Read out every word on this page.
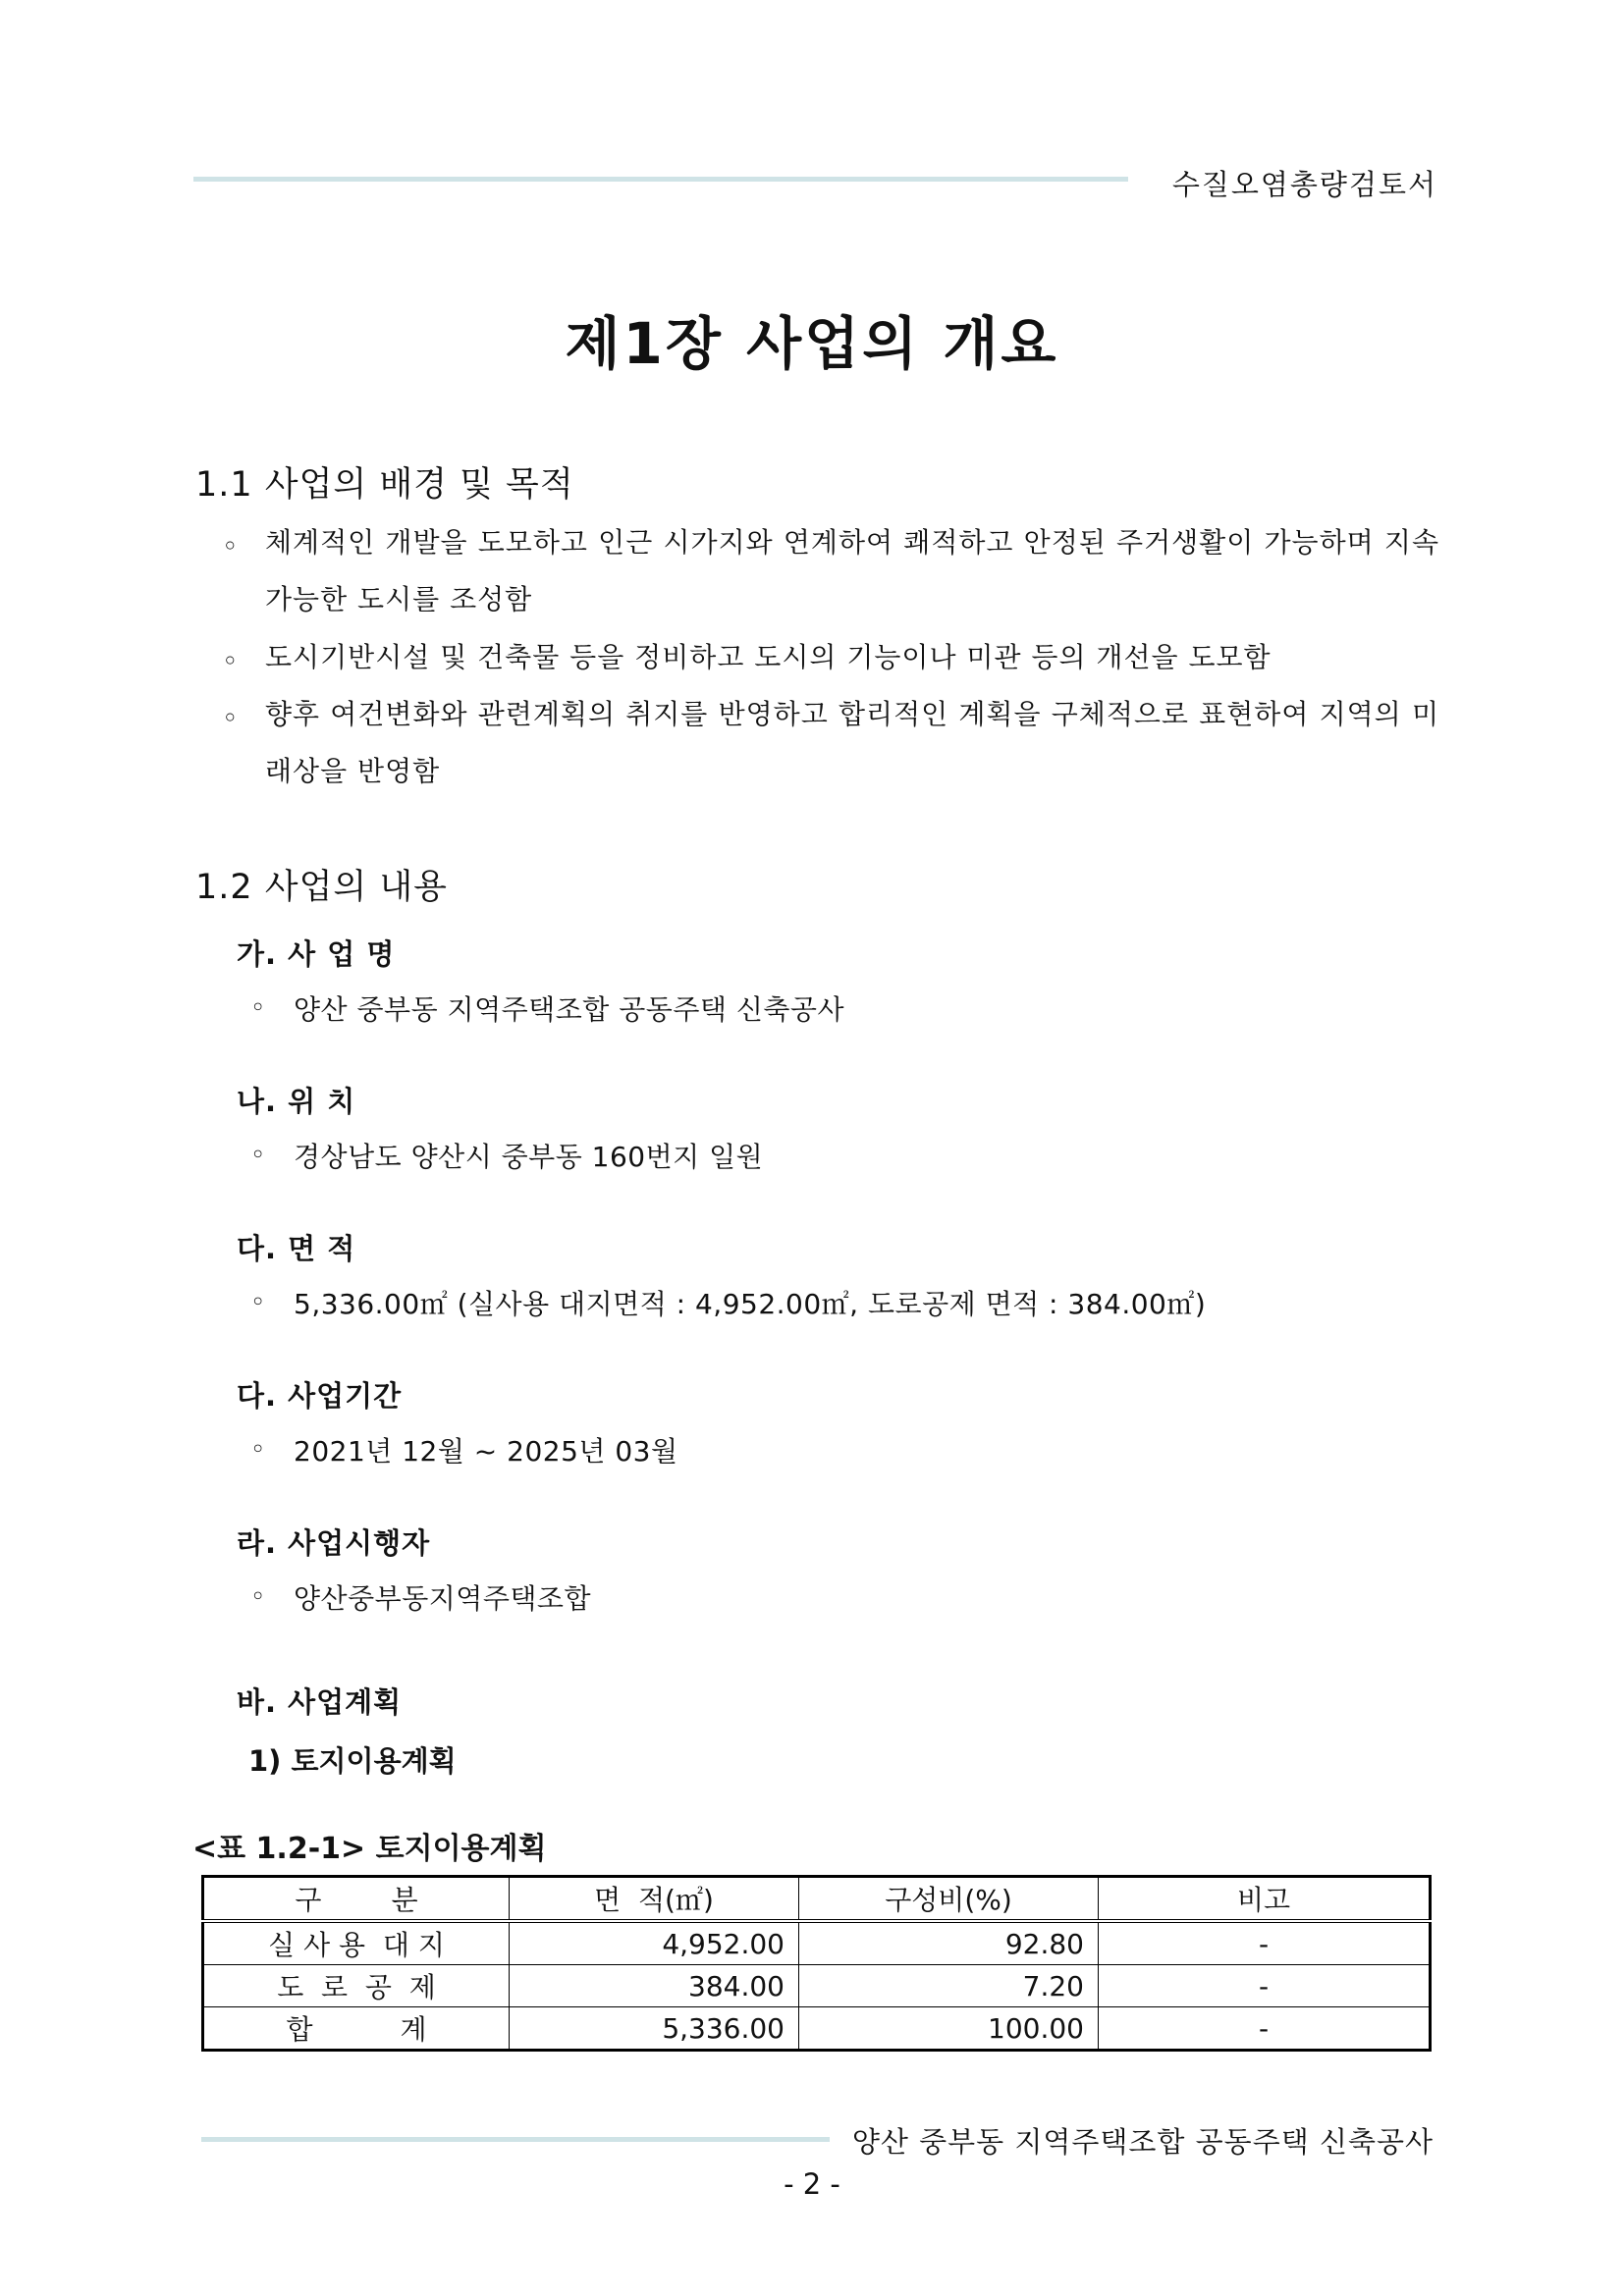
수질오염총량검토서
제1장 사업의 개요
1.1 사업의 배경 및 목적
◦ 체계적인 개발을 도모하고 인근 시가지와 연계하여 쾌적하고 안정된 주거생활이 가능하며 지속가능한 도시를 조성함
◦ 도시기반시설 및 건축물 등을 정비하고 도시의 기능이나 미관 등의 개선을 도모함
◦ 향후 여건변화와 관련계획의 취지를 반영하고 합리적인 계획을 구체적으로 표현하여 지역의 미래상을 반영함
1.2 사업의 내용
가. 사 업 명
◦ 양산 중부동 지역주택조합 공동주택 신축공사
나. 위 치
◦ 경상남도 양산시 중부동 160번지 일원
다. 면 적
◦ 5,336.00㎡ (실사용 대지면적 : 4,952.00㎡, 도로공제 면적 : 384.00㎡)
다. 사업기간
◦ 2021년 12월 ~ 2025년 03월
라. 사업시행자
◦ 양산중부동지역주택조합
바. 사업계획
1) 토지이용계획
<표 1.2-1> 토지이용계획
구        분	면  적(㎡)	구성비(%)	비고
실 사 용  대 지	4,952.00	92.80	-
도  로  공  제	384.00	7.20	-
합          계	5,336.00	100.00	-
양산 중부동 지역주택조합 공동주택 신축공사
- 2 -
